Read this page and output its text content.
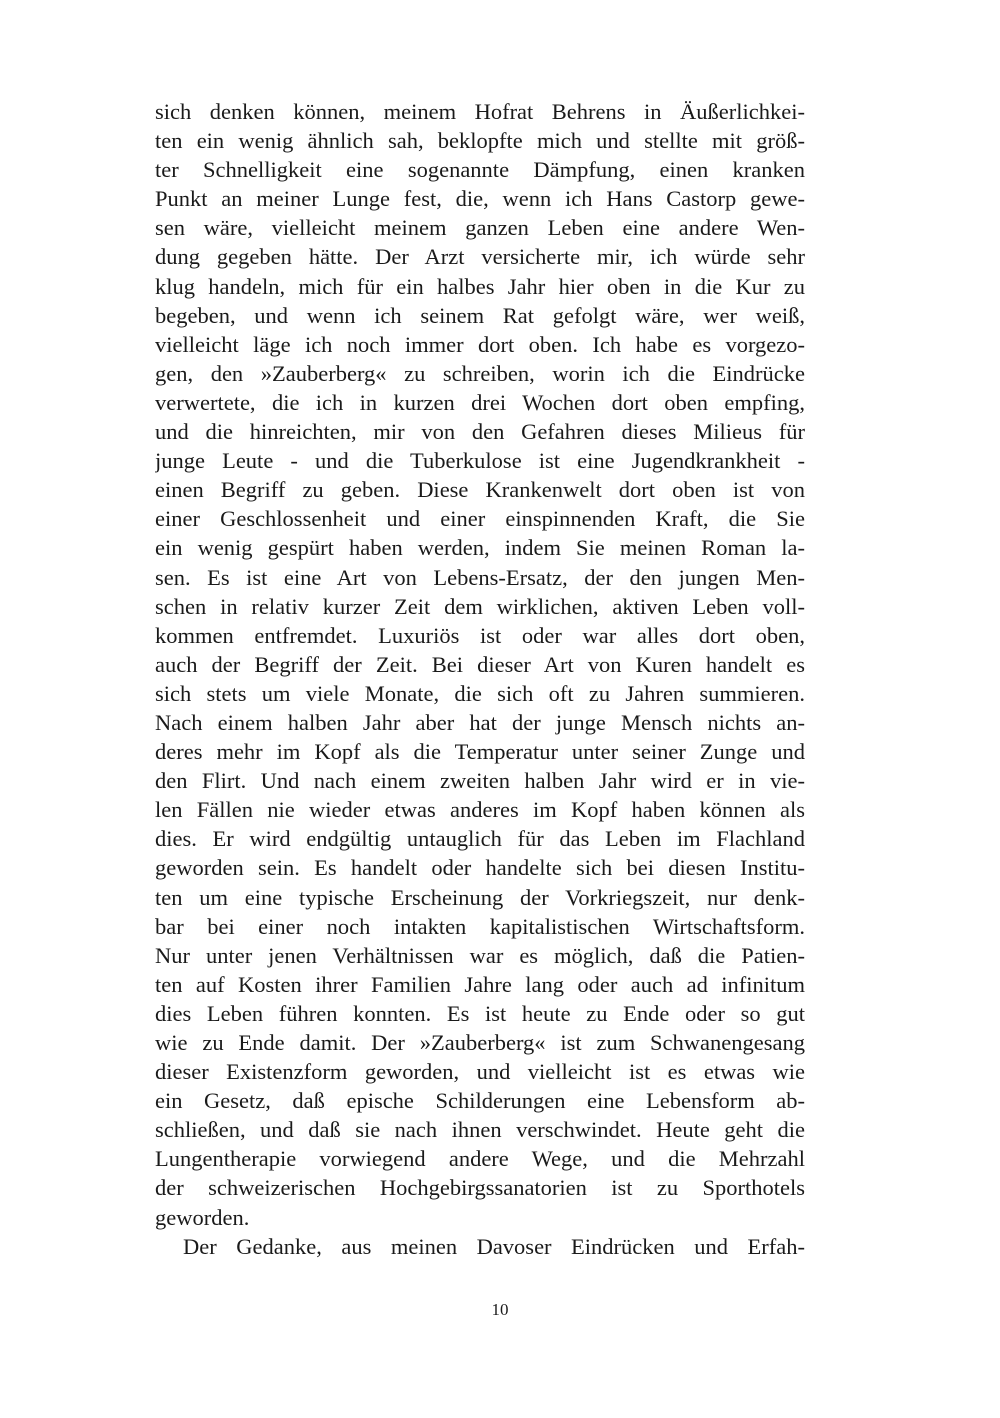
sich denken können, meinem Hofrat Behrens in Äußerlichkei-
ten ein wenig ähnlich sah, beklopfte mich und stellte mit größ-
ter Schnelligkeit eine sogenannte Dämpfung, einen kranken
Punkt an meiner Lunge fest, die, wenn ich Hans Castorp gewe-
sen wäre, vielleicht meinem ganzen Leben eine andere Wen-
dung gegeben hätte. Der Arzt versicherte mir, ich würde sehr
klug handeln, mich für ein halbes Jahr hier oben in die Kur zu
begeben, und wenn ich seinem Rat gefolgt wäre, wer weiß,
vielleicht läge ich noch immer dort oben. Ich habe es vorgezo-
gen, den »Zauberberg« zu schreiben, worin ich die Eindrücke
verwertete, die ich in kurzen drei Wochen dort oben empfing,
und die hinreichten, mir von den Gefahren dieses Milieus für
junge Leute - und die Tuberkulose ist eine Jugendkrankheit -
einen Begriff zu geben. Diese Krankenwelt dort oben ist von
einer Geschlossenheit und einer einspinnenden Kraft, die Sie
ein wenig gespürt haben werden, indem Sie meinen Roman la-
sen. Es ist eine Art von Lebens-Ersatz, der den jungen Men-
schen in relativ kurzer Zeit dem wirklichen, aktiven Leben voll-
kommen entfremdet. Luxuriös ist oder war alles dort oben,
auch der Begriff der Zeit. Bei dieser Art von Kuren handelt es
sich stets um viele Monate, die sich oft zu Jahren summieren.
Nach einem halben Jahr aber hat der junge Mensch nichts an-
deres mehr im Kopf als die Temperatur unter seiner Zunge und
den Flirt. Und nach einem zweiten halben Jahr wird er in vie-
len Fällen nie wieder etwas anderes im Kopf haben können als
dies. Er wird endgültig untauglich für das Leben im Flachland
geworden sein. Es handelt oder handelte sich bei diesen Institu-
ten um eine typische Erscheinung der Vorkriegszeit, nur denk-
bar bei einer noch intakten kapitalistischen Wirtschaftsform.
Nur unter jenen Verhältnissen war es möglich, daß die Patien-
ten auf Kosten ihrer Familien Jahre lang oder auch ad infinitum
dies Leben führen konnten. Es ist heute zu Ende oder so gut
wie zu Ende damit. Der »Zauberberg« ist zum Schwanengesang
dieser Existenzform geworden, und vielleicht ist es etwas wie
ein Gesetz, daß epische Schilderungen eine Lebensform ab-
schließen, und daß sie nach ihnen verschwindet. Heute geht die
Lungentherapie vorwiegend andere Wege, und die Mehrzahl
der schweizerischen Hochgebirgssanatorien ist zu Sporthotels
geworden.
Der Gedanke, aus meinen Davoser Eindrücken und Erfah-
10
